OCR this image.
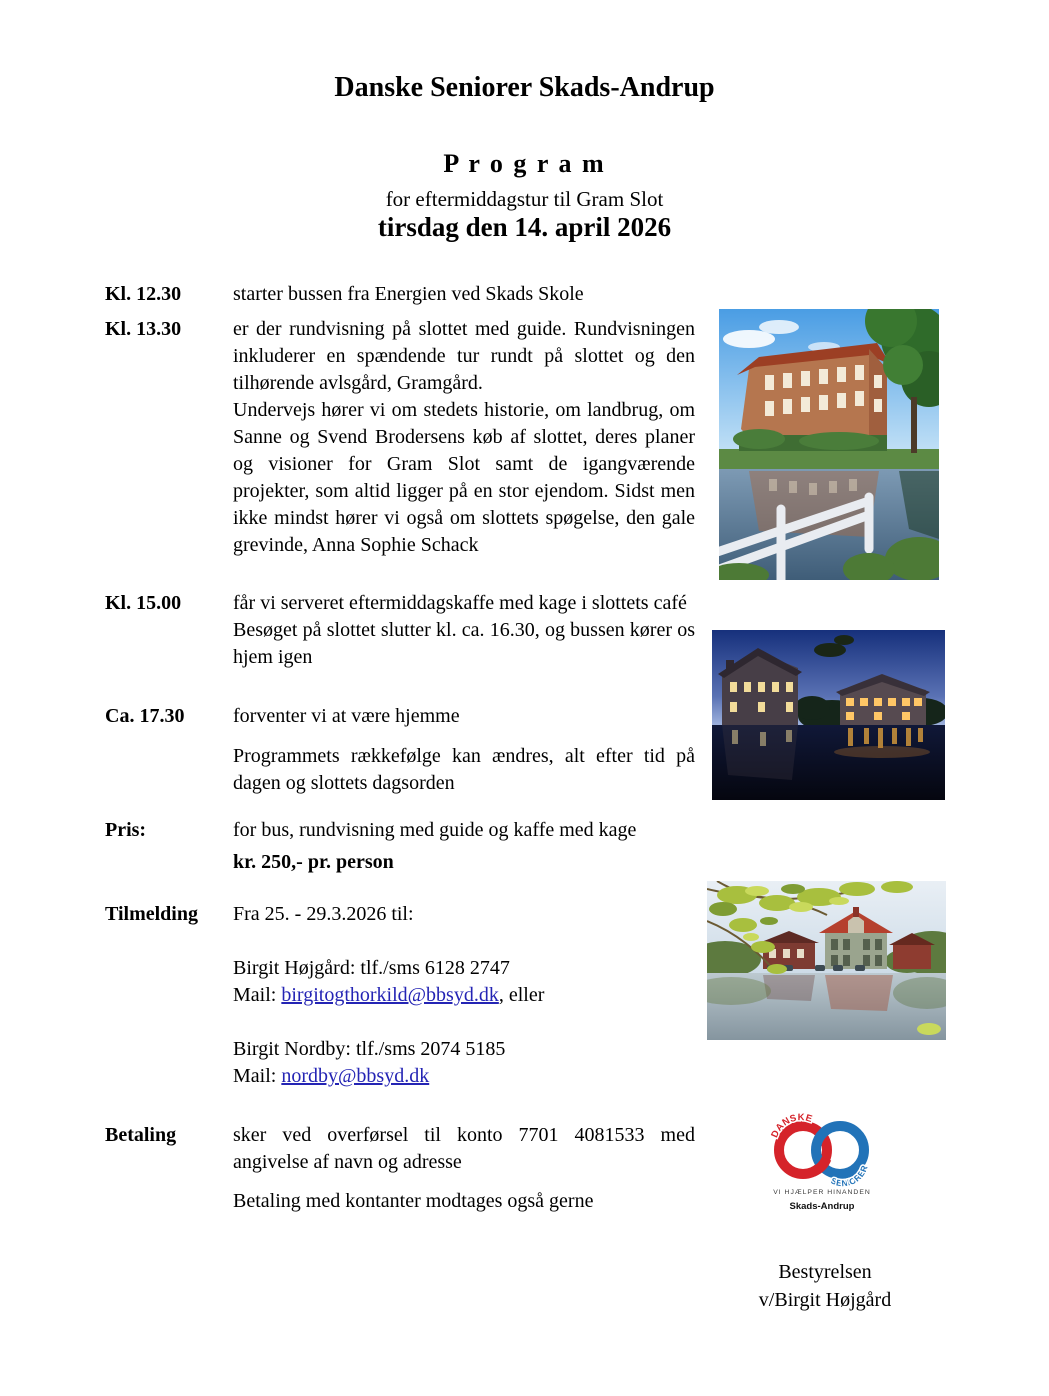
Danske Seniorer Skads-Andrup
P r o g r a m
for eftermiddagstur til Gram Slot
tirsdag den 14. april 2026
Kl. 12.30	starter bussen fra Energien ved Skads Skole

Kl. 13.30	er der rundvisning på slottet med guide. Rundvisningen inkluderer en spændende tur rundt på slottet og den tilhørende avlsgård, Gramgård.

Undervejs hører vi om stedets historie, om landbrug, om Sanne og Svend Brodersens køb af slottet, deres planer og visioner for Gram Slot samt de igangværende projekter, som altid ligger på en stor ejendom. Sidst men ikke mindst hører vi også om slottets spøgelse, den gale grevinde, Anna Sophie Schack

Kl. 15.00	får vi serveret eftermiddagskaffe med kage i slottets café

Besøget på slottet slutter kl. ca. 16.30, og bussen kører os hjem igen

Ca. 17.30	forventer vi at være hjemme

Programmets rækkefølge kan ændres, alt efter tid på dagen og slottets dagsorden

Pris:	for bus, rundvisning med guide og kaffe med kage

kr. 250,- pr. person

Tilmelding	Fra 25. - 29.3.2026 til:

Birgit Højgård: tlf./sms 6128 2747
Mail: birgitogthorkild@bbsyd.dk, eller

Birgit Nordby: tlf./sms 2074 5185
Mail: nordby@bbsyd.dk

Betaling	sker ved overførsel til konto 7701 4081533 med angivelse af navn og adresse

Betaling med kontanter modtages også gerne

DANSKE
SENIORER
VI HJÆLPER HINANDEN
Skads-Andrup
Bestyrelsen
v/Birgit Højgård
